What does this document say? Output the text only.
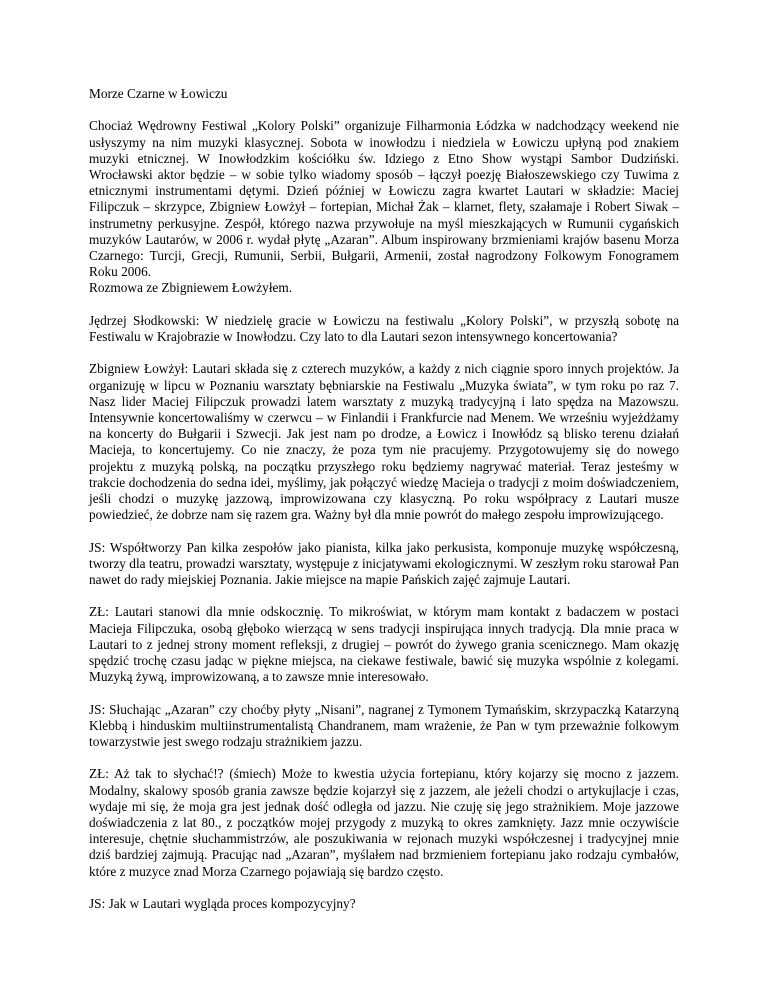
Morze Czarne w Łowiczu

Chociaż Wędrowny Festiwal „Kolory Polski” organizuje Filharmonia Łódzka w nadchodzący weekend nie usłyszymy na nim muzyki klasycznej. Sobota w inowłodzu i niedziela w Łowiczu upłyną pod znakiem muzyki etnicznej. W Inowłodzkim kościółku św. Idziego z Etno Show wystąpi Sambor Dudziński. Wrocławski aktor będzie – w sobie tylko wiadomy sposób – łączył poezję Białoszewskiego czy Tuwima z etnicznymi instrumentami dętymi. Dzień później w Łowiczu zagra kwartet Lautari w składzie: Maciej Filipczuk – skrzypce, Zbigniew Łowżył – fortepian, Michał Żak – klarnet, flety, szałamaje i Robert Siwak – instrumetny perkusyjne. Zespół, którego nazwa przywołuje na myśl mieszkających w Rumunii cygańskich muzyków Lautarów, w 2006 r. wydał płytę „Azaran”. Album inspirowany brzmieniami krajów basenu Morza Czarnego: Turcji, Grecji, Rumunii, Serbii, Bułgarii, Armenii, został nagrodzony Folkowym Fonogramem Roku 2006.
Rozmowa ze Zbigniewem Łowżyłem.

Jędrzej Słodkowski: W niedzielę gracie w Łowiczu na festiwalu „Kolory Polski”, w przyszłą sobotę na Festiwalu w Krajobrazie w Inowłodzu. Czy lato to dla Lautari sezon intensywnego koncertowania?

Zbigniew Łowżył: Lautari składa się z czterech muzyków, a każdy z nich ciągnie sporo innych projektów. Ja organizuję w lipcu w Poznaniu warsztaty bębniarskie na Festiwalu „Muzyka świata”, w tym roku po raz 7. Nasz lider Maciej Filipczuk prowadzi latem warsztaty z muzyką tradycyjną i lato spędza na Mazowszu. Intensywnie koncertowaliśmy w czerwcu – w Finlandii i Frankfurcie nad Menem. We wrześniu wyjeżdżamy na koncerty do Bułgarii i Szwecji. Jak jest nam po drodze, a Łowicz i Inowłódz są blisko terenu działań Macieja, to koncertujemy. Co nie znaczy, że poza tym nie pracujemy. Przygotowujemy się do nowego projektu z muzyką polską, na początku przyszłego roku będziemy nagrywać materiał. Teraz jesteśmy w trakcie dochodzenia do sedna idei, myślimy, jak połączyć wiedzę Macieja o tradycji z moim doświadczeniem, jeśli chodzi o muzykę jazzową, improwizowana czy klasyczną. Po roku współpracy z Lautari musze powiedzieć, że dobrze nam się razem gra. Ważny był dla mnie powrót do małego zespołu improwizującego.

JS: Współtworzy Pan kilka zespołów jako pianista, kilka jako perkusista, komponuje muzykę współczesną, tworzy dla teatru, prowadzi warsztaty, występuje z inicjatywami ekologicznymi. W zeszłym roku starował Pan nawet do rady miejskiej Poznania. Jakie miejsce na mapie Pańskich zajęć zajmuje Lautari.

ZŁ: Lautari stanowi dla mnie odskocznię. To mikroświat, w którym mam kontakt z badaczem w postaci Macieja Filipczuka, osobą głęboko wierzącą w sens tradycji inspirująca innych tradycją. Dla mnie praca w Lautari to z jednej strony moment refleksji, z drugiej – powrót do żywego grania scenicznego. Mam okazję spędzić trochę czasu jadąc w piękne miejsca, na ciekawe festiwale, bawić się muzyka wspólnie z kolegami. Muzyką żywą, improwizowaną, a to zawsze mnie interesowało.

JS: Słuchając „Azaran” czy choćby płyty „Nisani”, nagranej z Tymonem Tymańskim, skrzypaczką Katarzyną Klebbą i hinduskim multiinstrumentalistą Chandranem, mam wrażenie, że Pan w tym przeważnie folkowym towarzystwie jest swego rodzaju strażnikiem jazzu.

ZŁ: Aż tak to słychać!? (śmiech) Może to kwestia użycia fortepianu, który kojarzy się mocno z jazzem. Modalny, skalowy sposób grania zawsze będzie kojarzył się z jazzem, ale jeżeli chodzi o artykujlacje i czas, wydaje mi się, że moja gra jest jednak dość odległa od jazzu. Nie czuję się jego strażnikiem. Moje jazzowe doświadczenia z lat 80., z początków mojej przygody z muzyką to okres zamknięty. Jazz mnie oczywiście interesuje, chętnie słuchammistrzów, ale poszukiwania w rejonach muzyki współczesnej i tradycyjnej mnie dziś bardziej zajmują. Pracując nad „Azaran”, myślałem nad brzmieniem fortepianu jako rodzaju cymbałów, które z muzyce znad Morza Czarnego pojawiają się bardzo często.

JS: Jak w Lautari wygląda proces kompozycyjny?
